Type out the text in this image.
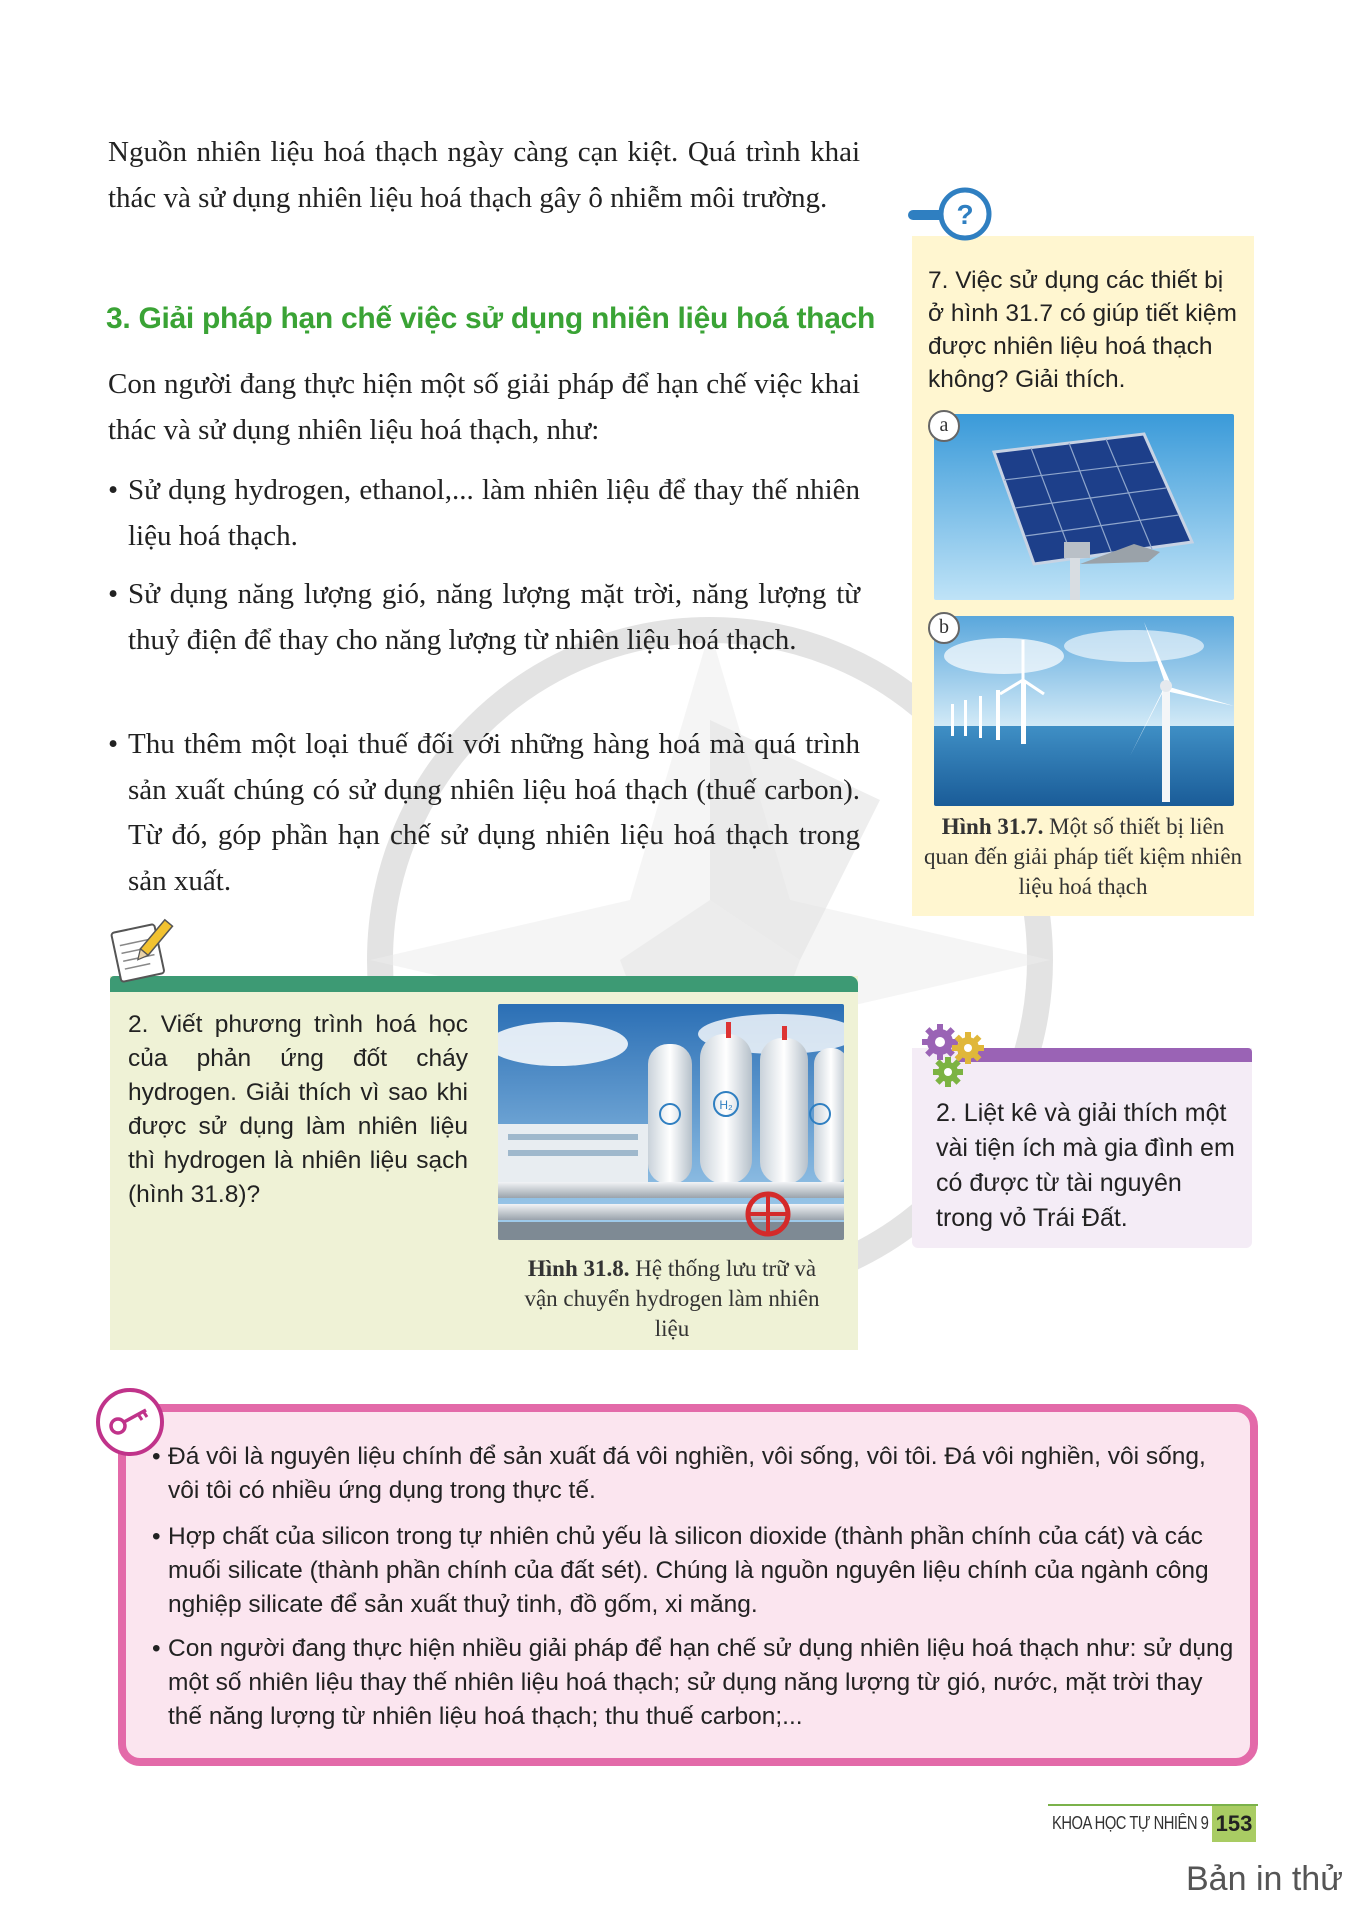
Nguồn nhiên liệu hoá thạch ngày càng cạn kiệt. Quá trình khai thác và sử dụng nhiên liệu hoá thạch gây ô nhiễm môi trường.
3. Giải pháp hạn chế việc sử dụng nhiên liệu hoá thạch
Con người đang thực hiện một số giải pháp để hạn chế việc khai thác và sử dụng nhiên liệu hoá thạch, như:
• Sử dụng hydrogen, ethanol,... làm nhiên liệu để thay thế nhiên liệu hoá thạch.
• Sử dụng năng lượng gió, năng lượng mặt trời, năng lượng từ thuỷ điện để thay cho năng lượng từ nhiên liệu hoá thạch.
• Thu thêm một loại thuế đối với những hàng hoá mà quá trình sản xuất chúng có sử dụng nhiên liệu hoá thạch (thuế carbon). Từ đó, góp phần hạn chế sử dụng nhiên liệu hoá thạch trong sản xuất.
?
7. Việc sử dụng các thiết bị ở hình 31.7 có giúp tiết kiệm được nhiên liệu hoá thạch không? Giải thích.
a
b
Hình 31.7. Một số thiết bị liên quan đến giải pháp tiết kiệm nhiên liệu hoá thạch
2. Viết phương trình hoá học của phản ứng đốt cháy hydrogen. Giải thích vì sao khi được sử dụng làm nhiên liệu thì hydrogen là nhiên liệu sạch (hình 31.8)?
H₂
Hình 31.8. Hệ thống lưu trữ và vận chuyển hydrogen làm nhiên liệu
2. Liệt kê và giải thích một vài tiện ích mà gia đình em có được từ tài nguyên trong vỏ Trái Đất.
• Đá vôi là nguyên liệu chính để sản xuất đá vôi nghiền, vôi sống, vôi tôi. Đá vôi nghiền, vôi sống, vôi tôi có nhiều ứng dụng trong thực tế.
• Hợp chất của silicon trong tự nhiên chủ yếu là silicon dioxide (thành phần chính của cát) và các muối silicate (thành phần chính của đất sét). Chúng là nguồn nguyên liệu chính của ngành công nghiệp silicate để sản xuất thuỷ tinh, đồ gốm, xi măng.
• Con người đang thực hiện nhiều giải pháp để hạn chế sử dụng nhiên liệu hoá thạch như: sử dụng một số nhiên liệu thay thế nhiên liệu hoá thạch; sử dụng năng lượng từ gió, nước, mặt trời thay thế năng lượng từ nhiên liệu hoá thạch; thu thuế carbon;...
KHOA HỌC TỰ NHIÊN 9 153
Bản in thử
